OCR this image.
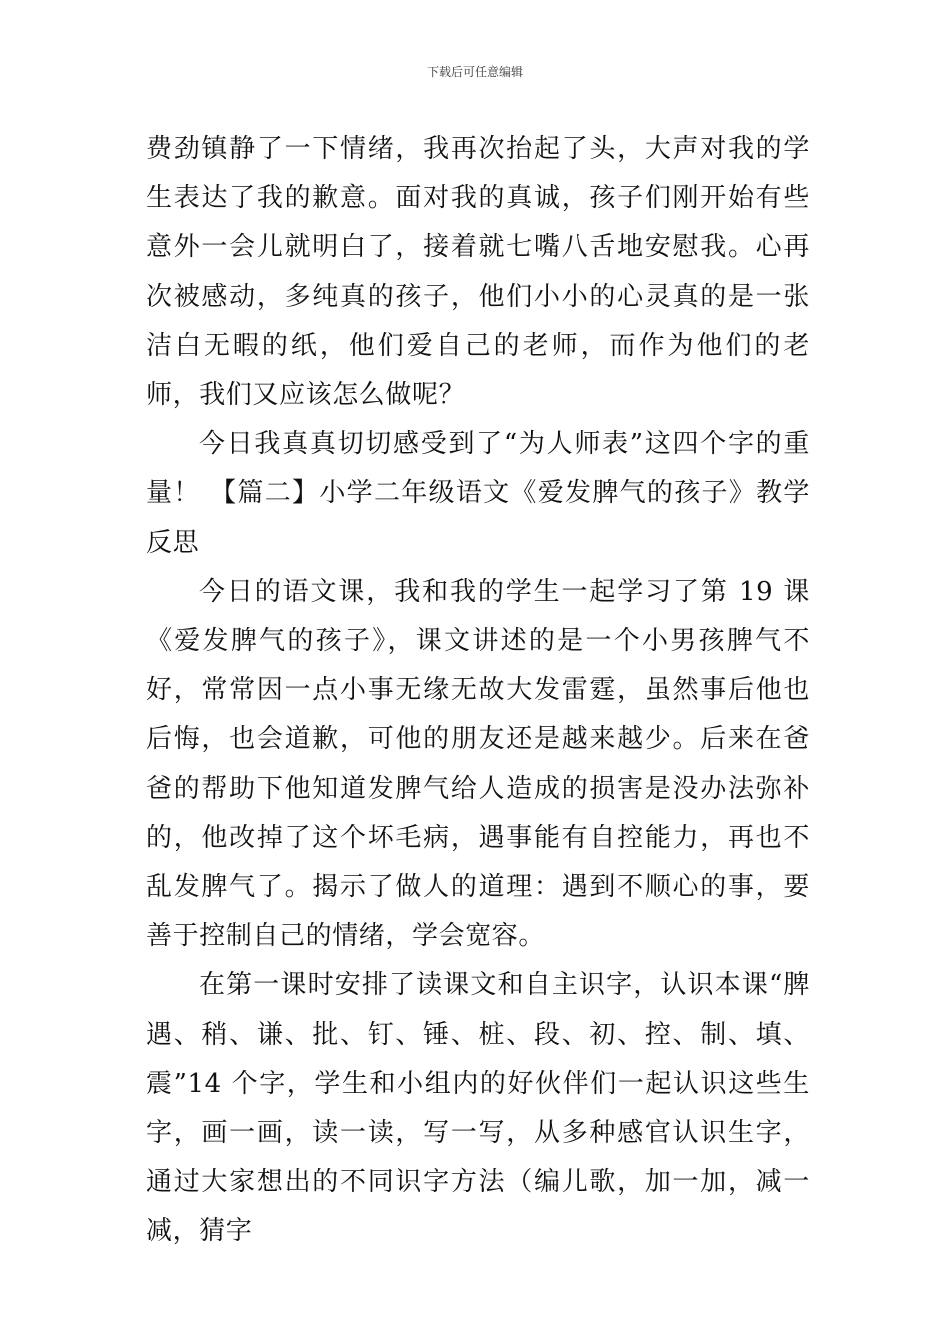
下载后可任意编辑

费劲镇静了一下情绪，我再次抬起了头，大声对我的学生表达了我的歉意。面对我的真诚，孩子们刚开始有些意外一会儿就明白了，接着就七嘴八舌地安慰我。心再次被感动，多纯真的孩子，他们小小的心灵真的是一张洁白无暇的纸，他们爱自己的老师，而作为他们的老师，我们又应该怎么做呢？

今日我真真切切感受到了“为人师表”这四个字的重量！ 【篇二】小学二年级语文《爱发脾气的孩子》教学反思

今日的语文课，我和我的学生一起学习了第 19 课《爱发脾气的孩子》，课文讲述的是一个小男孩脾气不好，常常因一点小事无缘无故大发雷霆，虽然事后他也后悔，也会道歉，可他的朋友还是越来越少。后来在爸爸的帮助下他知道发脾气给人造成的损害是没办法弥补的，他改掉了这个坏毛病，遇事能有自控能力，再也不乱发脾气了。揭示了做人的道理：遇到不顺心的事，要善于控制自己的情绪，学会宽容。

在第一课时安排了读课文和自主识字，认识本课“脾遇、稍、谦、批、钉、锤、桩、段、初、控、制、填、震”14 个字，学生和小组内的好伙伴们一起认识这些生字，画一画，读一读，写一写，从多种感官认识生字，通过大家想出的不同识字方法（编儿歌，加一加，减一减，猜字
